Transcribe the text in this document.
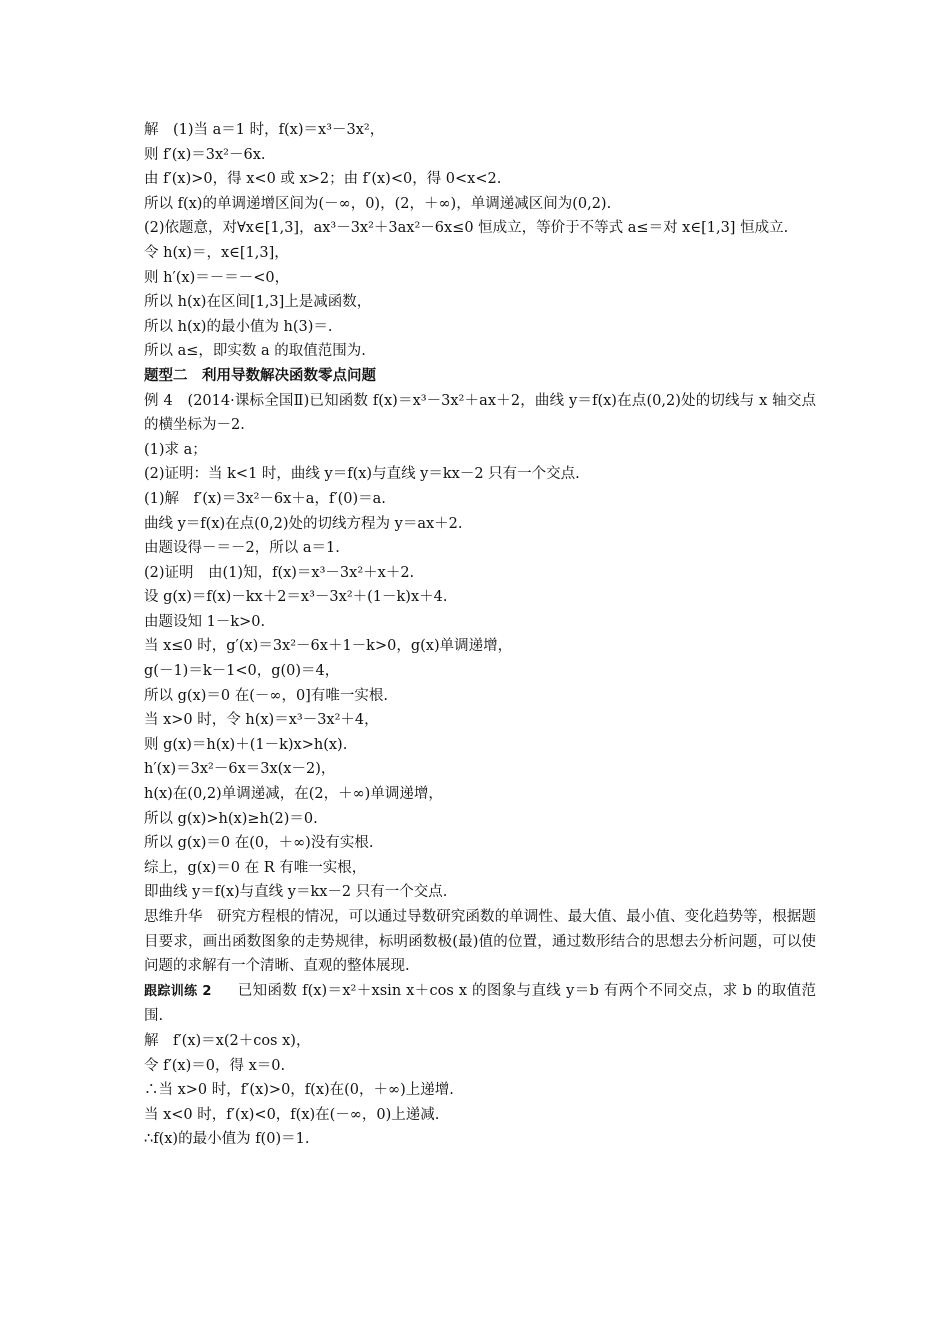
解　(1)当 a＝1 时，f(x)＝x³－3x²，
则 f′(x)＝3x²－6x.
由 f′(x)>0，得 x<0 或 x>2；由 f′(x)<0，得 0<x<2.
所以 f(x)的单调递增区间为(－∞，0)，(2，＋∞)，单调递减区间为(0,2).
(2)依题意，对∀x∈[1,3]，ax³－3x²＋3ax²－6x≤0 恒成立，等价于不等式 a≤＝对 x∈[1,3] 恒成立.
令 h(x)＝，x∈[1,3]，
则 h′(x)＝－＝－<0，
所以 h(x)在区间[1,3]上是减函数，
所以 h(x)的最小值为 h(3)＝.
所以 a≤，即实数 a 的取值范围为.
题型二　利用导数解决函数零点问题
例 4　(2014·课标全国Ⅱ)已知函数 f(x)＝x³－3x²＋ax＋2，曲线 y＝f(x)在点(0,2)处的切线与 x 轴交点的横坐标为－2.
(1)求 a；
(2)证明：当 k<1 时，曲线 y＝f(x)与直线 y＝kx－2 只有一个交点.
(1)解　f′(x)＝3x²－6x＋a，f′(0)＝a.
曲线 y＝f(x)在点(0,2)处的切线方程为 y＝ax＋2.
由题设得－＝－2，所以 a＝1.
(2)证明　由(1)知，f(x)＝x³－3x²＋x＋2.
设 g(x)＝f(x)－kx＋2＝x³－3x²＋(1－k)x＋4.
由题设知 1－k>0.
当 x≤0 时，g′(x)＝3x²－6x＋1－k>0，g(x)单调递增，
g(－1)＝k－1<0，g(0)＝4，
所以 g(x)＝0 在(－∞，0]有唯一实根.
当 x>0 时，令 h(x)＝x³－3x²＋4，
则 g(x)＝h(x)＋(1－k)x>h(x).
h′(x)＝3x²－6x＝3x(x－2)，
h(x)在(0,2)单调递减，在(2，＋∞)单调递增，
所以 g(x)>h(x)≥h(2)＝0.
所以 g(x)＝0 在(0，＋∞)没有实根.
综上，g(x)＝0 在 R 有唯一实根，
即曲线 y＝f(x)与直线 y＝kx－2 只有一个交点.
思维升华　研究方程根的情况，可以通过导数研究函数的单调性、最大值、最小值、变化趋势等，根据题目要求，画出函数图象的走势规律，标明函数极(最)值的位置，通过数形结合的思想去分析问题，可以使问题的求解有一个清晰、直观的整体展现.
跟踪训练 2 已知函数 f(x)＝x²＋xsin x＋cos x 的图象与直线 y＝b 有两个不同交点，求 b 的取值范围.
解　f′(x)＝x(2＋cos x)，
令 f′(x)＝0，得 x＝0.
∴当 x>0 时，f′(x)>0，f(x)在(0，＋∞)上递增.
当 x<0 时，f′(x)<0，f(x)在(－∞，0)上递减.
∴f(x)的最小值为 f(0)＝1.
